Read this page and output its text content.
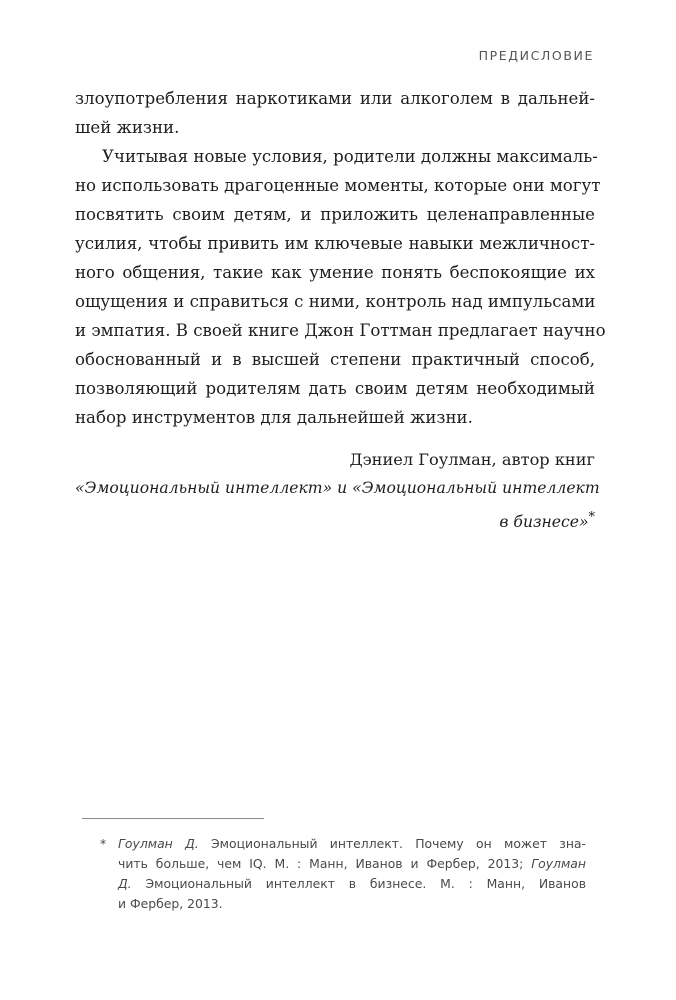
ПРЕДИСЛОВИЕ
злоупотребления наркотиками или алкоголем в дальней-
шей жизни.
Учитывая новые условия, родители должны максималь-
но использовать драгоценные моменты, которые они могут
посвятить своим детям, и приложить целенаправленные
усилия, чтобы привить им ключевые навыки межличност-
ного общения, такие как умение понять беспокоящие их
ощущения и справиться с ними, контроль над импульсами
и эмпатия. В своей книге Джон Готтман предлагает научно
обоснованный и в высшей степени практичный способ,
позволяющий родителям дать своим детям необходимый
набор инструментов для дальнейшей жизни.
Дэниел Гоулман, автор книг
«Эмоциональный интеллект» и «Эмоциональный интеллект
в бизнесе»*
* Гоулман Д. Эмоциональный интеллект. Почему он может зна-
чить больше, чем IQ. М. : Манн, Иванов и Фербер, 2013; Гоулман
Д. Эмоциональный интеллект в бизнесе. М. : Манн, Иванов
и Фербер, 2013.
